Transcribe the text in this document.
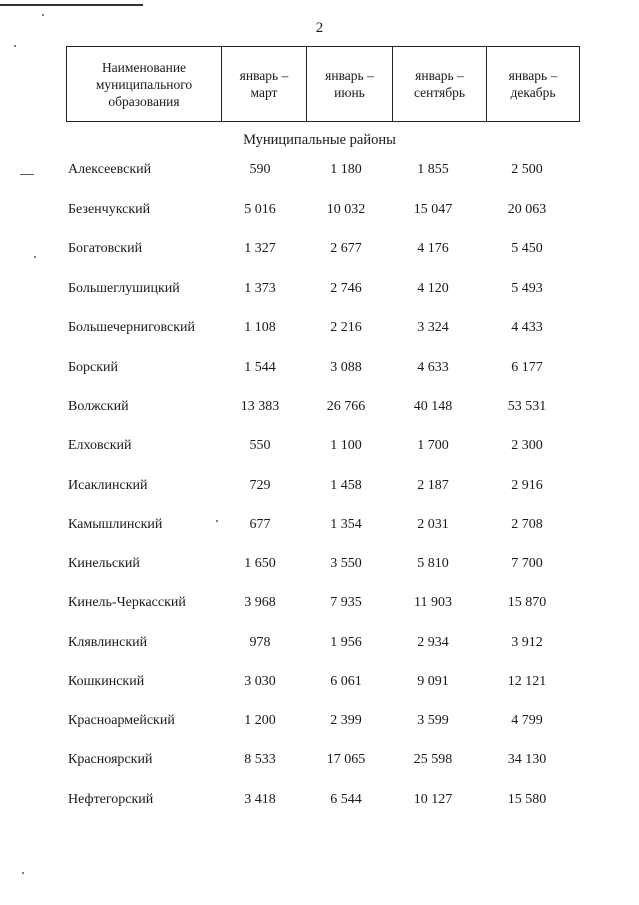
2
Наименование муниципального образования	январь – март	январь – июнь	январь – сентябрь	январь – декабрь
Муниципальные районы
Алексеевский	590	1 180	1 855	2 500
Безенчукский	5 016	10 032	15 047	20 063
Богатовский	1 327	2 677	4 176	5 450
Большеглушицкий	1 373	2 746	4 120	5 493
Большечерниговский	1 108	2 216	3 324	4 433
Борский	1 544	3 088	4 633	6 177
Волжский	13 383	26 766	40 148	53 531
Елховский	550	1 100	1 700	2 300
Исаклинский	729	1 458	2 187	2 916
Камышлинский	677	1 354	2 031	2 708
Кинельский	1 650	3 550	5 810	7 700
Кинель-Черкасский	3 968	7 935	11 903	15 870
Клявлинский	978	1 956	2 934	3 912
Кошкинский	3 030	6 061	9 091	12 121
Красноармейский	1 200	2 399	3 599	4 799
Красноярский	8 533	17 065	25 598	34 130
Нефтегорский	3 418	6 544	10 127	15 580
